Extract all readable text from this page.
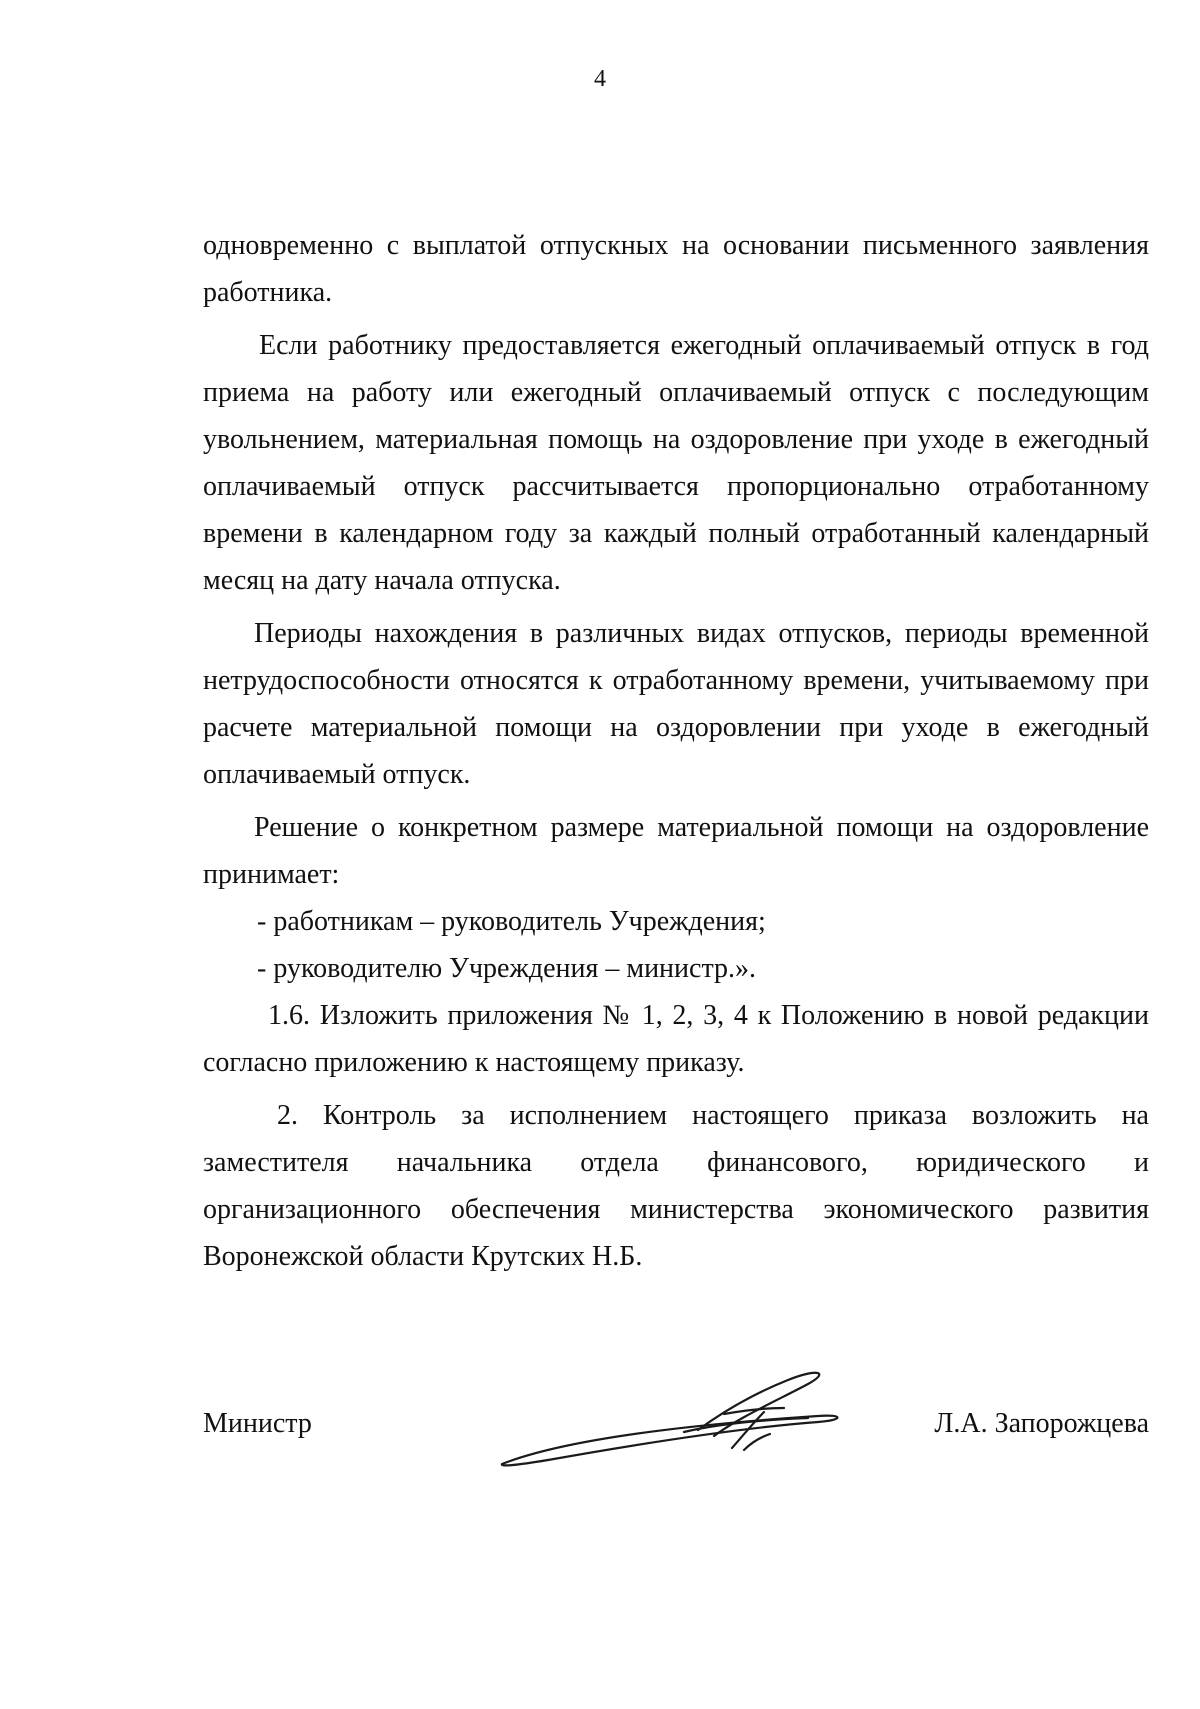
4

одновременно с выплатой отпускных на основании письменного заявления работника.

Если работнику предоставляется ежегодный оплачиваемый отпуск в год приема на работу или ежегодный оплачиваемый отпуск с последующим увольнением, материальная помощь на оздоровление при уходе в ежегодный оплачиваемый отпуск рассчитывается пропорционально отработанному времени в календарном году за каждый полный отработанный календарный месяц на дату начала отпуска.

Периоды нахождения в различных видах отпусков, периоды временной нетрудоспособности относятся к отработанному времени, учитываемому при расчете материальной помощи на оздоровлении при уходе в ежегодный оплачиваемый отпуск.

Решение о конкретном размере материальной помощи на оздоровление принимает:

- работникам – руководитель Учреждения;

- руководителю Учреждения – министр.».

1.6. Изложить приложения № 1, 2, 3, 4 к Положению в новой редакции согласно приложению к настоящему приказу.

2. Контроль за исполнением настоящего приказа возложить на заместителя начальника отдела финансового, юридического и организационного обеспечения министерства экономического развития Воронежской области Крутских Н.Б.

Министр	Л.А. Запорожцева
